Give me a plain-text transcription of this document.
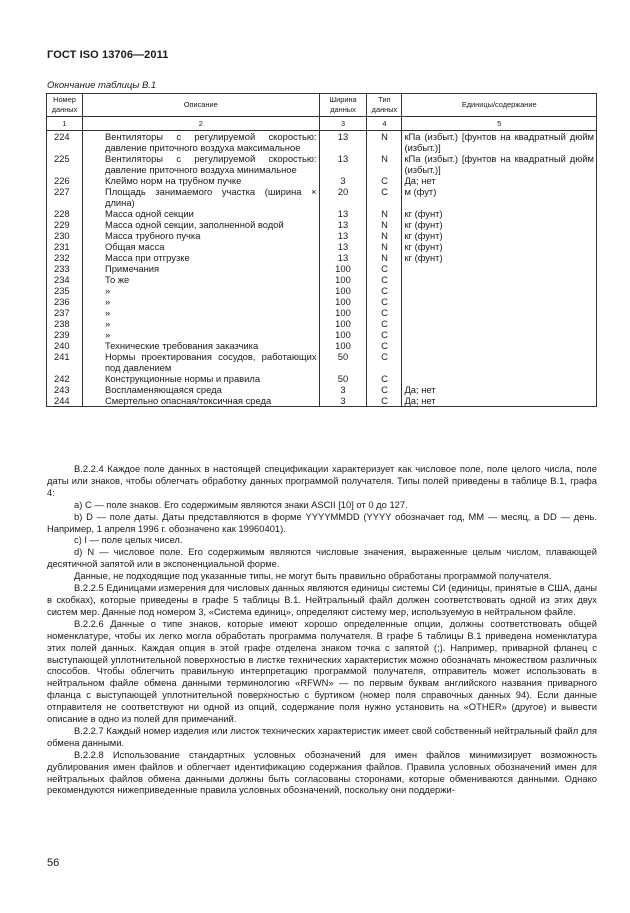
ГОСТ ISO 13706—2011
Окончание таблицы В.1
Номер данных	Описание	Ширина данных	Тип данных	Единицы/содержание
1	2	3	4	5
224	Вентиляторы с регулируемой скоростью: давление приточного воздуха максимальное	13	N	кПа (избыт.) [фунтов на квадратный дюйм (избыт.)]
225	Вентиляторы с регулируемой скоростью: давление приточного воздуха минимальное	13	N	кПа (избыт.) [фунтов на квадратный дюйм (избыт.)]
226	Клеймо норм на трубном пучке	3	С	Да; нет
227	Площадь занимаемого участка (ширина × длина)	20	С	м (фут)
228	Масса одной секции	13	N	кг (фунт)
229	Масса одной секции, заполненной водой	13	N	кг (фунт)
230	Масса трубного пучка	13	N	кг (фунт)
231	Общая масса	13	N	кг (фунт)
232	Масса при отгрузке	13	N	кг (фунт)
233	Примечания	100	С	
234	То же	100	С	
235	»	100	С	
236	»	100	С	
237	»	100	С	
238	»	100	С	
239	»	100	С	
240	Технические требования заказчика	100	С	
241	Нормы проектирования сосудов, работающих под давлением	50	С	
242	Конструкционные нормы и правила	50	С	
243	Воспламеняющаяся среда	3	С	Да; нет
244	Смертельно опасная/токсичная среда	3	С	Да; нет

В.2.2.4 Каждое поле данных в настоящей спецификации характеризует как числовое поле, поле целого числа, поле даты или знаков, чтобы облегчать обработку данных программой получателя. Типы полей приведены в таблице В.1, графа 4:

а) С — поле знаков. Его содержимым являются знаки ASCII [10] от 0 до 127.

b) D — поле даты. Даты представляются в форме YYYYMMDD (YYYY обозначает год, ММ — месяц, а DD — день. Например, 1 апреля 1996 г. обозначено как 19960401).

с) I — поле целых чисел.

d) N — числовое поле. Его содержимым являются числовые значения, выраженные целым числом, плавающей десятичной запятой или в экспоненциальной форме.

Данные, не подходящие под указанные типы, не могут быть правильно обработаны программой получателя.

В.2.2.5 Единицами измерения для числовых данных являются единицы системы СИ (единицы, принятые в США, даны в скобках), которые приведены в графе 5 таблицы В.1. Нейтральный файл должен соответствовать одной из этих двух систем мер. Данные под номером 3, «Система единиц», определяют систему мер, используемую в нейтральном файле.

В.2.2.6 Данные о типе знаков, которые имеют хорошо определенные опции, должны соответствовать общей номенклатуре, чтобы их легко могла обработать программа получателя. В графе 5 таблицы В.1 приведена номенклатура этих полей данных. Каждая опция в этой графе отделена знаком точка с запятой (;). Например, приварной фланец с выступающей уплотнительной поверхностью в листке технических характеристик можно обозначать множеством различных способов. Чтобы облегчить правильную интерпретацию программой получателя, отправитель может использовать в нейтральном файле обмена данными терминологию «RFWN» — по первым буквам английского названия приварного фланца с выступающей уплотнительной поверхностью с буртиком (номер поля справочных данных 94). Если данные отправителя не соответствуют ни одной из опций, содержание поля нужно установить на «OTHER» (другое) и вывести описание в одно из полей для примечаний.

В.2.2.7 Каждый номер изделия или листок технических характеристик имеет свой собственный нейтральный файл для обмена данными.

В.2.2.8 Использование стандартных условных обозначений для имен файлов минимизирует возможность дублирования имен файлов и облегчает идентификацию содержания файлов. Правила условных обозначений имен для нейтральных файлов обмена данными должны быть согласованы сторонами, которые обмениваются данными. Однако рекомендуются нижеприведенные правила условных обозначений, поскольку они поддержи-

56
